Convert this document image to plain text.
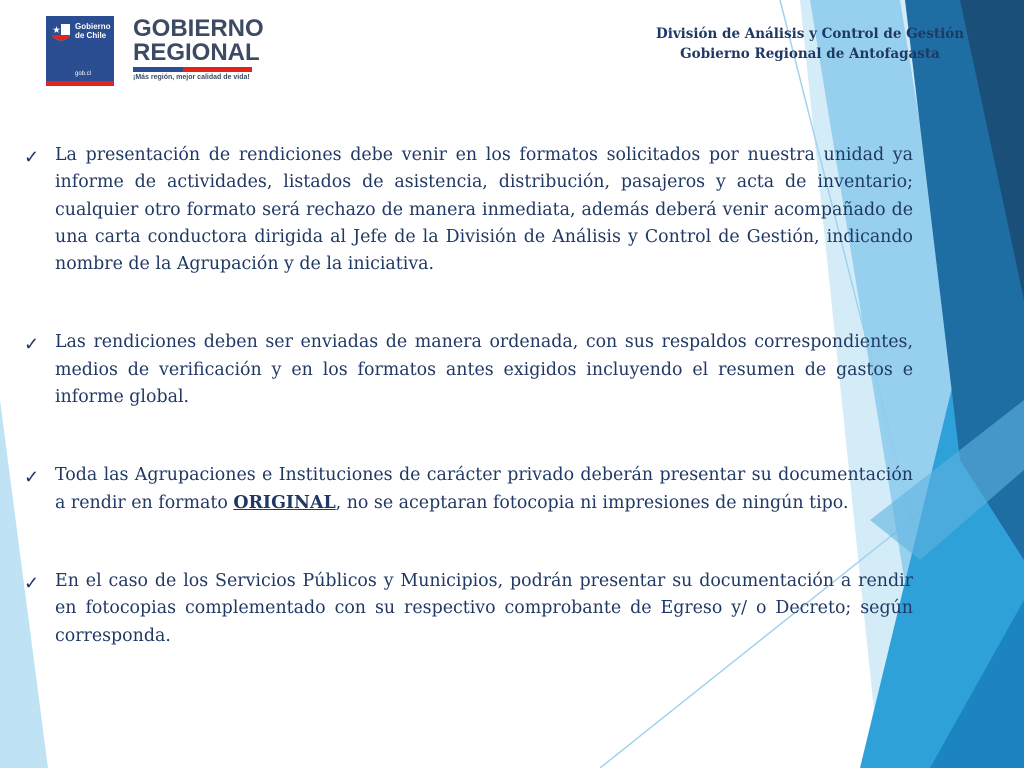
Gobierno de Chile
gob.cl
GOBIERNO
REGIONAL
¡Más región, mejor calidad de vida!
División de Análisis y Control de Gestión
Gobierno Regional de Antofagasta
✓ La presentación de rendiciones debe venir en los formatos solicitados por nuestra unidad ya informe de actividades, listados de asistencia, distribución, pasajeros y acta de inventario; cualquier otro formato será rechazo de manera inmediata, además deberá venir acompañado de una carta conductora dirigida al Jefe de la División de Análisis y Control de Gestión, indicando nombre de la Agrupación y de la iniciativa.
✓ Las rendiciones deben ser enviadas de manera ordenada, con sus respaldos correspondientes, medios de verificación y en los formatos antes exigidos incluyendo el resumen de gastos e informe global.
✓ Toda las Agrupaciones e Instituciones de carácter privado deberán presentar su documentación a rendir en formato ORIGINAL, no se aceptaran fotocopia ni impresiones de ningún tipo.
✓ En el caso de los Servicios Públicos y Municipios, podrán presentar su documentación a rendir en fotocopias complementado con su respectivo comprobante de Egreso y/ o Decreto; según corresponda.
